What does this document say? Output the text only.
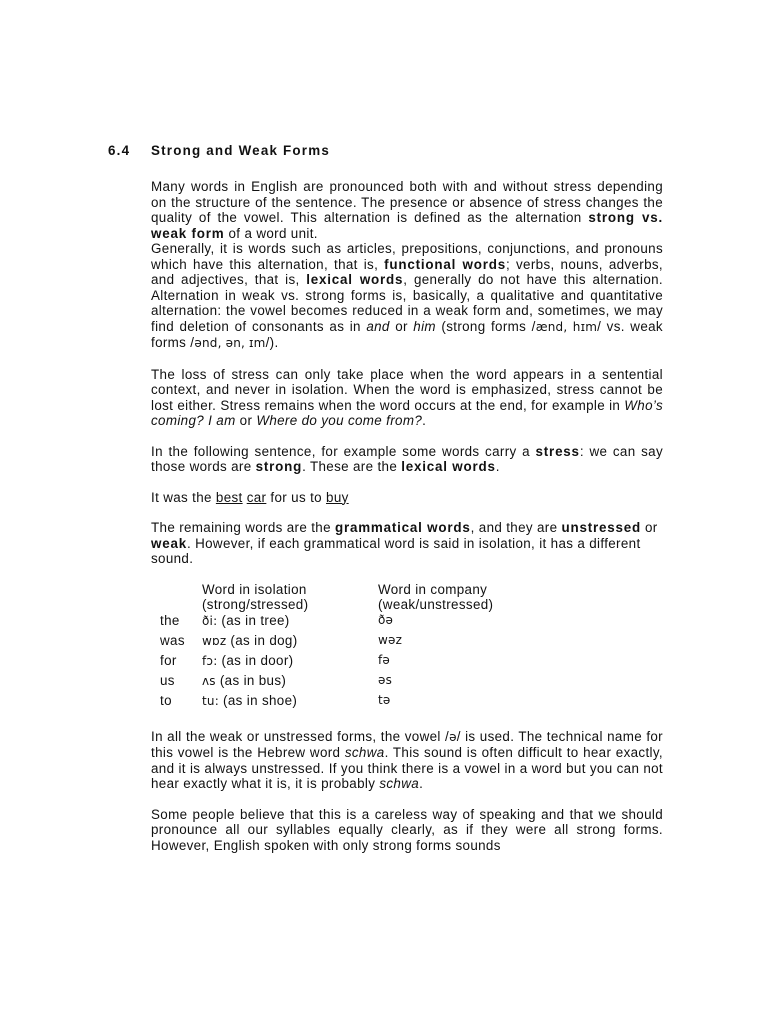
6.4 Strong and Weak Forms

Many words in English are pronounced both with and without stress depending on the structure of the sentence. The presence or absence of stress changes the quality of the vowel. This alternation is defined as the alternation strong vs. weak form of a word unit.

Generally, it is words such as articles, prepositions, conjunctions, and pronouns which have this alternation, that is, functional words; verbs, nouns, adverbs, and adjectives, that is, lexical words, generally do not have this alternation. Alternation in weak vs. strong forms is, basically, a qualitative and quantitative alternation: the vowel becomes reduced in a weak form and, sometimes, we may find deletion of consonants as in and or him (strong forms /ænd, hɪm/ vs. weak forms /ənd, ən, ɪm/).

The loss of stress can only take place when the word appears in a sentential context, and never in isolation. When the word is emphasized, stress cannot be lost either. Stress remains when the word occurs at the end, for example in Who’s coming? I am or Where do you come from?.

In the following sentence, for example some words carry a stress: we can say those words are strong. These are the lexical words.

It was the best car for us to buy

The remaining words are the grammatical words, and they are unstressed or weak. However, if each grammatical word is said in isolation, it has a different sound.

	Word in isolation	Word in company
	(strong/stressed)	(weak/unstressed)
the	ði: (as in tree)	ðə
was	wɒz (as in dog)	wəz
for	fɔ: (as in door)	fə
us	ʌs (as in bus)	əs
to	tu: (as in shoe)	tə

In all the weak or unstressed forms, the vowel /ə/ is used. The technical name for this vowel is the Hebrew word schwa. This sound is often difficult to hear exactly, and it is always unstressed. If you think there is a vowel in a word but you can not hear exactly what it is, it is probably schwa.

Some people believe that this is a careless way of speaking and that we should pronounce all our syllables equally clearly, as if they were all strong forms. However, English spoken with only strong forms sounds
